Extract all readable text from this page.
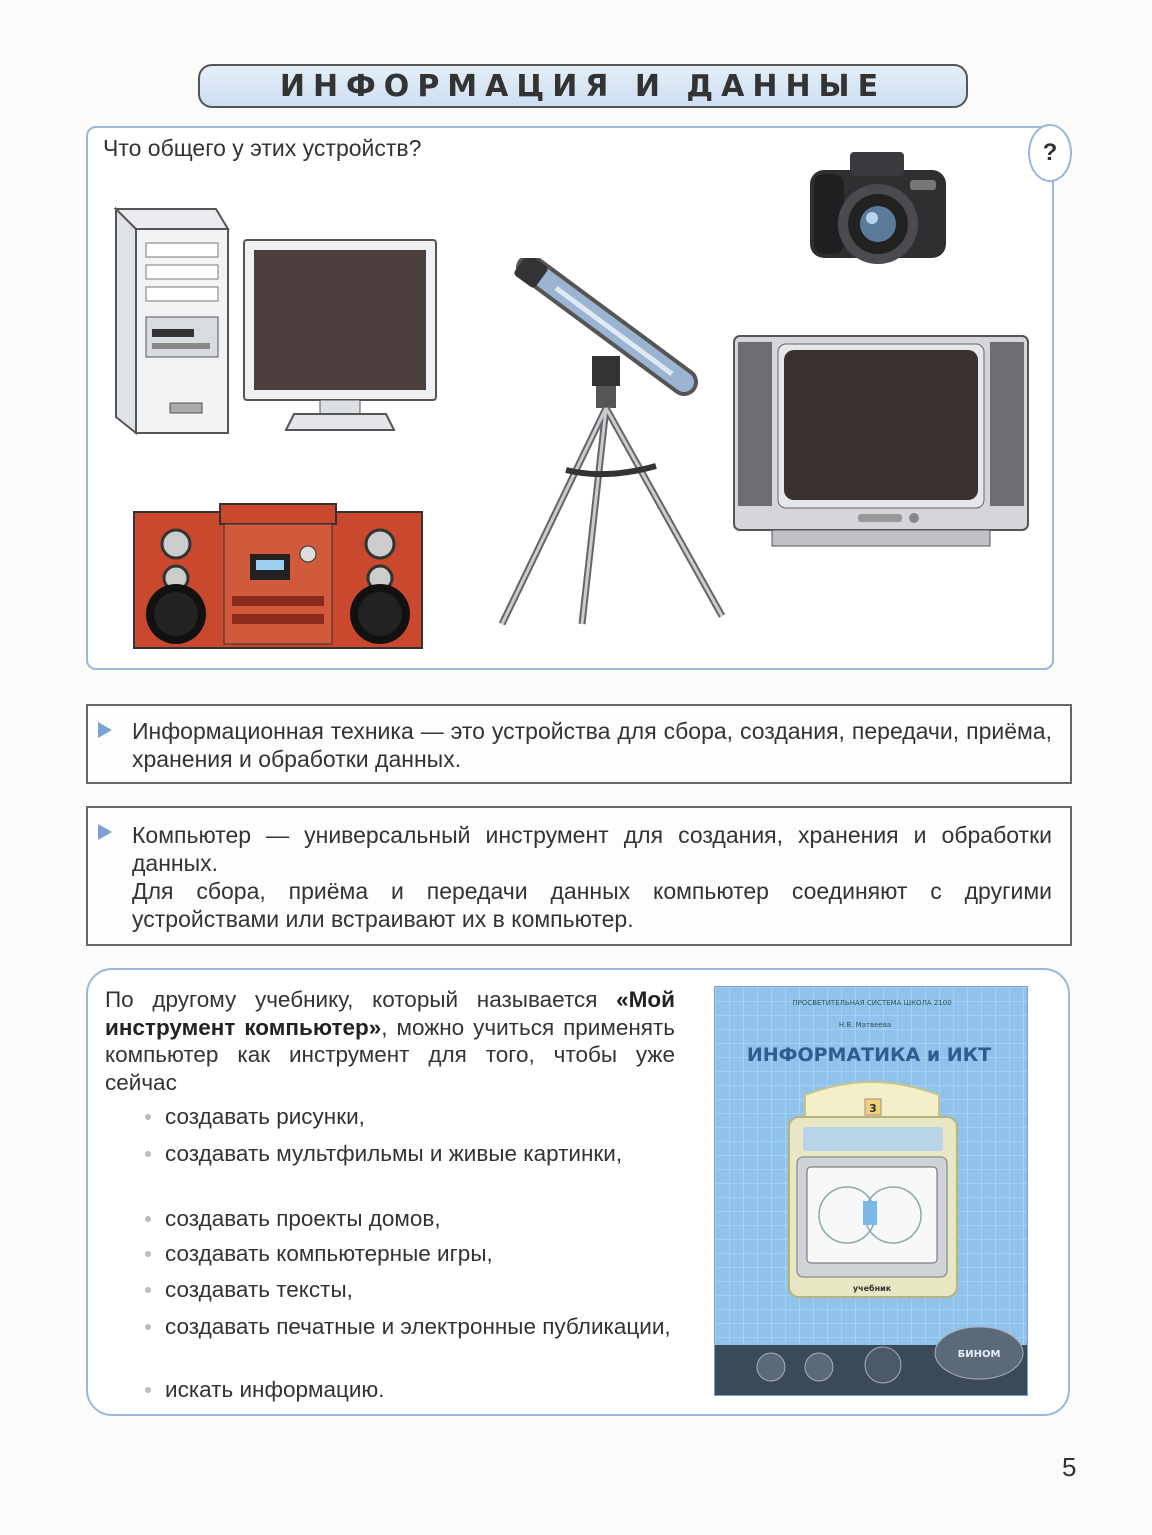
ИНФОРМАЦИЯ И ДАННЫЕ
Что общего у этих устройств?	?
Информационная техника — это устройства для сбора, создания, передачи, приёма, хранения и обработки данных.
Компьютер — универсальный инструмент для создания, хранения и обработки данных.
Для сбора, приёма и передачи данных компьютер соединяют с другими устройствами или встраивают их в компьютер.
По другому учебнику, который называется «Мой инструмент компьютер», можно учиться применять компьютер как инструмент для того, чтобы уже сейчас
создавать рисунки,
создавать мультфильмы и живые картинки,
создавать проекты домов,
создавать компьютерные игры,
создавать тексты,
создавать печатные и электронные публикации,
искать информацию.
ПРОСВЕТИТЕЛЬНАЯ СИСТЕМА ШКОЛА 2100
Н.В. Матвеева
ИНФОРМАТИКА и ИКТ
3
учебник
БИНОМ
5
